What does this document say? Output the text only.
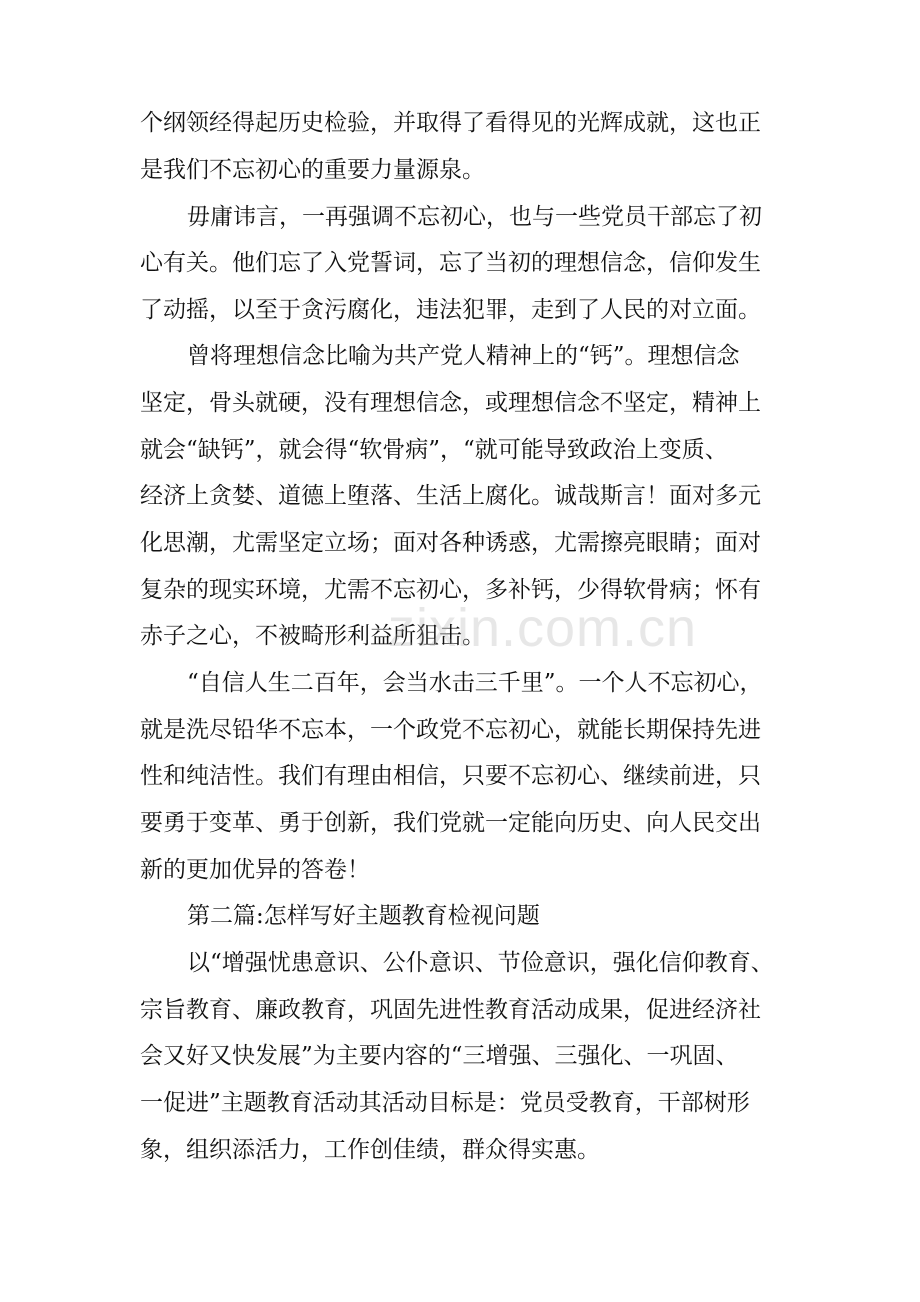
个纲领经得起历史检验，并取得了看得见的光辉成就，这也正
是我们不忘初心的重要力量源泉。
毋庸讳言，一再强调不忘初心，也与一些党员干部忘了初
心有关。他们忘了入党誓词，忘了当初的理想信念，信仰发生
了动摇，以至于贪污腐化，违法犯罪，走到了人民的对立面。
曾将理想信念比喻为共产党人精神上的“钙”。理想信念
坚定，骨头就硬，没有理想信念，或理想信念不坚定，精神上
就会“缺钙”，就会得“软骨病”，“就可能导致政治上变质、
经济上贪婪、道德上堕落、生活上腐化。诚哉斯言！面对多元
化思潮，尤需坚定立场；面对各种诱惑，尤需擦亮眼睛；面对
复杂的现实环境，尤需不忘初心，多补钙，少得软骨病；怀有
赤子之心，不被畸形利益所狙击。
“自信人生二百年，会当水击三千里”。一个人不忘初心，
就是洗尽铅华不忘本，一个政党不忘初心，就能长期保持先进
性和纯洁性。我们有理由相信，只要不忘初心、继续前进，只
要勇于变革、勇于创新，我们党就一定能向历史、向人民交出
新的更加优异的答卷！
第二篇:怎样写好主题教育检视问题
以“增强忧患意识、公仆意识、节俭意识，强化信仰教育、
宗旨教育、廉政教育，巩固先进性教育活动成果，促进经济社
会又好又快发展”为主要内容的“三增强、三强化、一巩固、
一促进”主题教育活动其活动目标是：党员受教育，干部树形
象，组织添活力，工作创佳绩，群众得实惠。
zixin.com.cn
